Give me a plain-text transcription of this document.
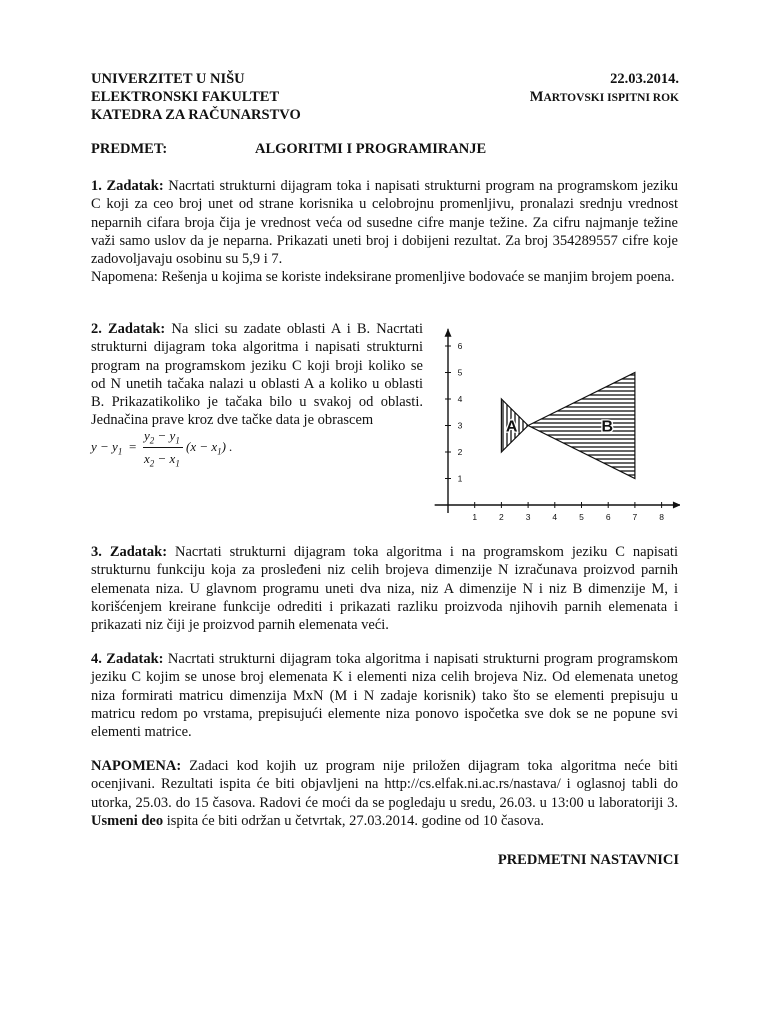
UNIVERZITET U NIŠU
ELEKTRONSKI FAKULTET
KATEDRA ZA RAČUNARSTVO
22.03.2014.
MARTOVSKI ISPITNI ROK
PREDMET:	ALGORITMI I PROGRAMIRANJE
1. Zadatak: Nacrtati strukturni dijagram toka i napisati strukturni program na programskom jeziku C koji za ceo broj unet od strane korisnika u celobrojnu promenljivu, pronalazi srednju vrednost neparnih cifara broja čija je vrednost veća od susedne cifre manje težine. Za cifru najmanje težine važi samo uslov da je neparna. Prikazati uneti broj i dobijeni rezultat. Za broj 354289557 cifre koje zadovoljavaju osobinu su 5,9 i 7.
Napomena: Rešenja u kojima se koriste indeksirane promenljive bodovaće se manjim brojem poena.
2. Zadatak: Na slici su zadate oblasti A i B. Nacrtati strukturni dijagram toka algoritma i napisati strukturni program na programskom jeziku C koji broji koliko se od N unetih tačaka nalazi u oblasti A a koliko u oblasti B. Prikazatikoliko je tačaka bilo u svakoj od oblasti. Jednačina prave kroz dve tačke data je obrascem
$y - y_1$ =
$y_2 - y_1$
$x_2 - x_1$
$(x - x_1)$ .
1	2	3	4	5	6	7	8
1
2
3
4
5
6
A	B
3. Zadatak: Nacrtati strukturni dijagram toka algoritma i na programskom jeziku C napisati strukturnu funkciju koja za prosleđeni niz celih brojeva dimenzije N izračunava proizvod parnih elemenata niza. U glavnom programu uneti dva niza, niz A dimenzije N i niz B dimenzije M, i korišćenjem kreirane funkcije odrediti i prikazati razliku proizvoda njihovih parnih elemenata i prikazati niz čiji je proizvod parnih elemenata veći.
4. Zadatak: Nacrtati strukturni dijagram toka algoritma i napisati strukturni program programskom jeziku C kojim se unose broj elemenata K i elementi niza celih brojeva Niz. Od elemenata unetog niza formirati matricu dimenzija MxN (M i N zadaje korisnik) tako što se elementi prepisuju u matricu redom po vrstama, prepisujući elemente niza ponovo ispočetka sve dok se ne popune svi elementi matrice.
NAPOMENA: Zadaci kod kojih uz program nije priložen dijagram toka algoritma neće biti ocenjivani. Rezultati ispita će biti objavljeni na http://cs.elfak.ni.ac.rs/nastava/ i oglasnoj tabli do utorka, 25.03. do 15 časova. Radovi će moći da se pogledaju u sredu, 26.03. u 13:00 u laboratoriji 3. Usmeni deo ispita će biti održan u četvrtak, 27.03.2014. godine od 10 časova.
PREDMETNI NASTAVNICI
